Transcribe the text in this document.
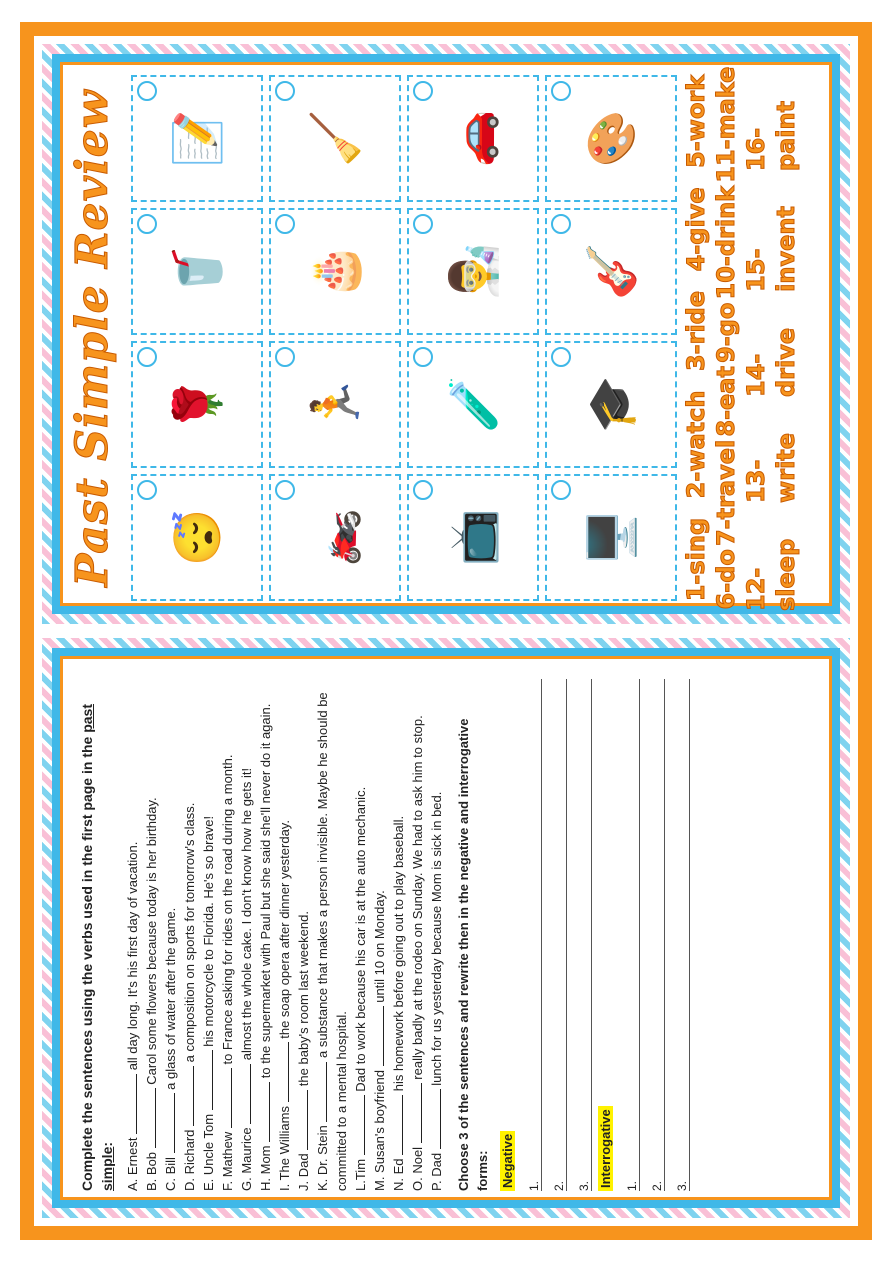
Past Simple Review 😴
🌹
🥤
📝
🏍️
🏃
🎂
🧹
📺
🧪
👨‍🔬
🚗
🖥️
🎓
🎸
🎨
1-sing
2-watch
3-ride
4-give
5-work
6-do
7-travel
8-eat
9-go
10-drink
11-make
12-sleep
13-write
14-drive
15-invent
16-paint
Complete the sentences using the verbs used in the first page in the past simple: A. Ernest  all day long. It's his first day of vacation.
B. Bob  Carol some flowers because today is her birthday.
C. Bill  a glass of water after the game.
D. Richard  a composition on sports for tomorrow's class.
E. Uncle Tom  his motorcycle to Florida. He's so brave!
F. Mathew  to France asking for rides on the road during a month.
G. Maurice  almost the whole cake. I don't know how he gets it!
H. Mom  to the supermarket with Paul but she said she'll never do it again.
I. The Williams  the soap opera after dinner yesterday.
J. Dad  the baby's room last weekend.
K. Dr. Stein  a substance that makes a person invisible. Maybe he should be committed to a mental hospital. L.Tim  Dad to work because his car is at the auto mechanic.
M. Susan's boyfriend  until 10 on Monday.
N. Ed  his homework before going out to play baseball.
O. Noel  really badly at the rodeo on Sunday. We had to ask him to stop.
P. Dad  lunch for us yesterday because Mom is sick in bed. Choose 3 of the sentences and rewrite then in the negative and interrogative forms: Negative 1. 2. 3. Interrogative 1. 2. 3.
